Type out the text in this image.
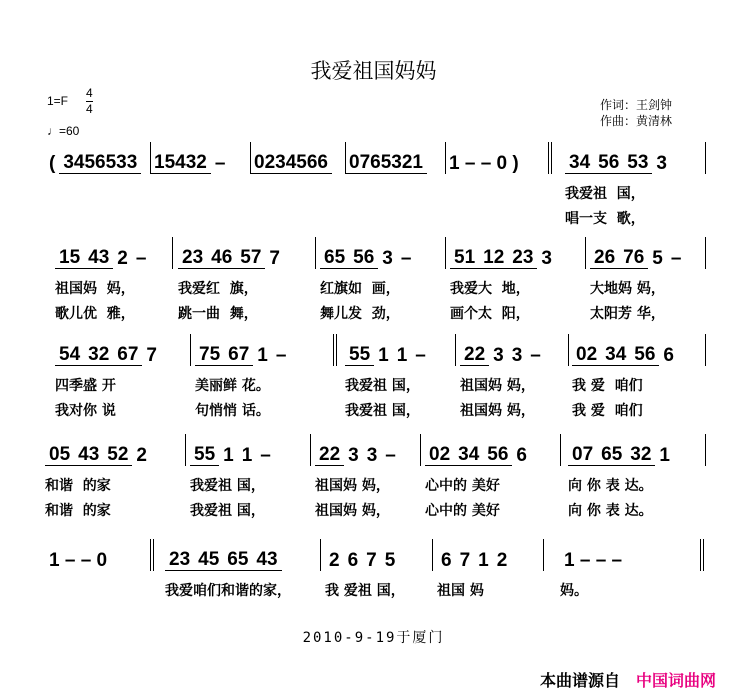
我爱祖国妈妈
1=F
4
4
♩=60
作词：王剑钟
作曲：黄清林
( 3456533 15432 – 0234566 0765321 1 – – 0 )	34 56 53 3
我爱祖  国，
唱一支  歌，
15 43 2 –
祖国妈  妈，
歌儿优  雅，
23 46 57 7
我爱红  旗，
跳一曲  舞，
65 56 3 –
红旗如  画，
舞儿发  劲，
51 12 23 3
我爱大  地，
画个太  阳，
26 76 5 –
大地妈 妈，
太阳芳 华，
54 32 67 7
四季盛 开
我对你 说
75 67 1 –
美丽鲜 花。
句悄悄 话。
55 1 1 –
我爱祖 国，
我爱祖 国，
22 3 3 –
祖国妈 妈，
祖国妈 妈，
02 34 56 6
我 爱  咱们
我 爱  咱们
05 43 52 2
和谐  的家
和谐  的家
55 1 1 –
我爱祖 国，
我爱祖 国，
22 3 3 –
祖国妈 妈，
祖国妈 妈，
02 34 56 6
心中的 美好
心中的 美好
07 65 32 1
向 你 表 达。
向 你 表 达。
1 – – 0	23 45 65 43
我爱咱们和谐的家，
2 6 7 5
我 爱祖 国，
6 7 1 2
祖国 妈
1 – – –
妈。
2010-9-19于厦门
本曲谱源自 中国词曲网
